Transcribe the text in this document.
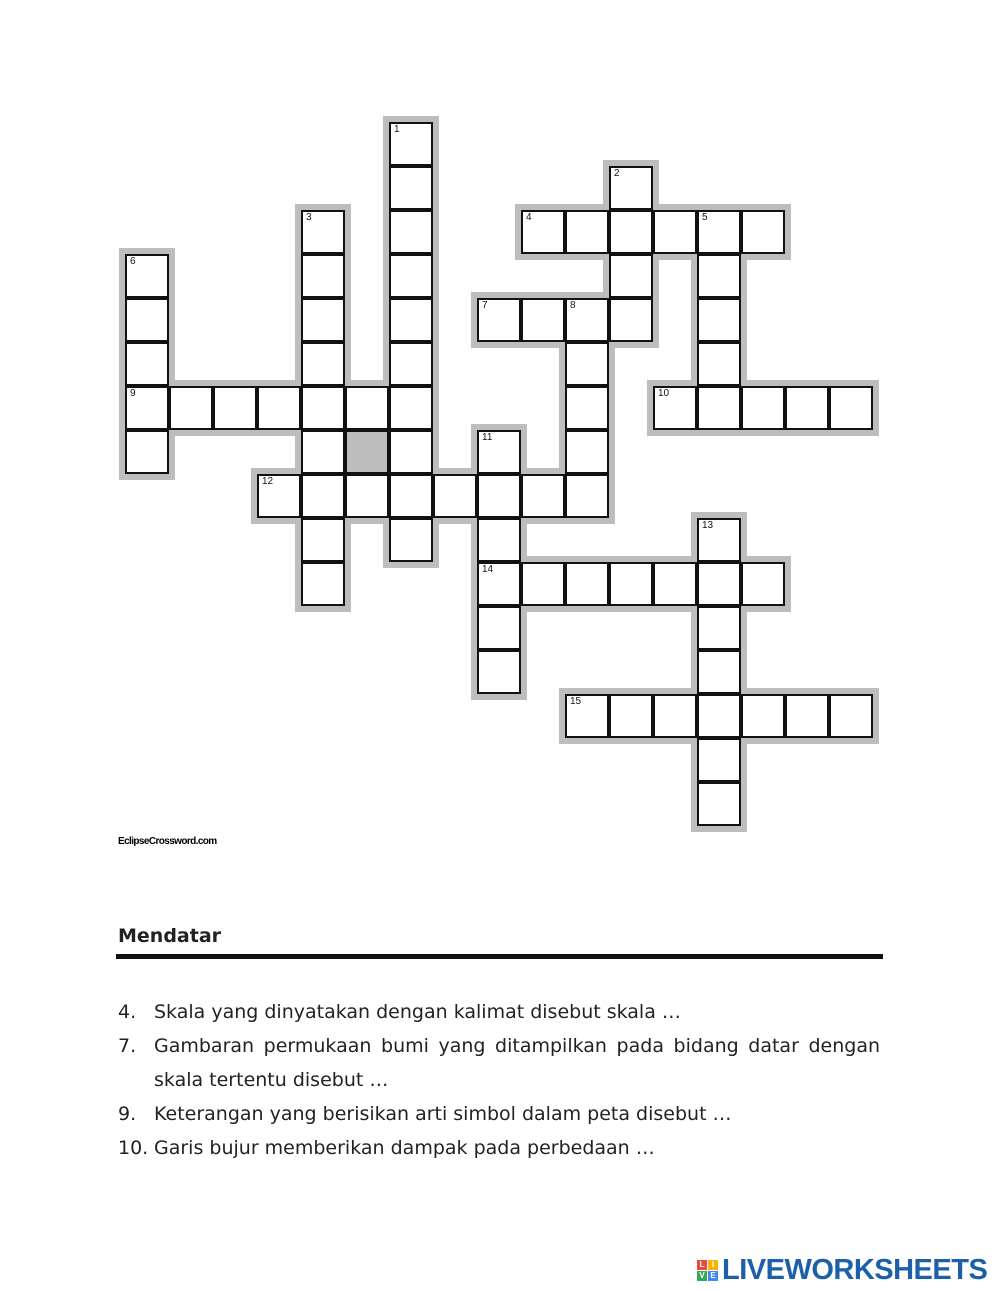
1
2
3	4	5
6
7	8
9	10
11
12
13
14
15
EclipseCrossword.com
Mendatar
4. Skala yang dinyatakan dengan kalimat disebut skala …
7. Gambaran permukaan bumi yang ditampilkan pada bidang datar dengan skala tertentu disebut …
9. Keterangan yang berisikan arti simbol dalam peta disebut …
10. Garis bujur memberikan dampak pada perbedaan …
L I
V E LIVEWORKSHEETS
